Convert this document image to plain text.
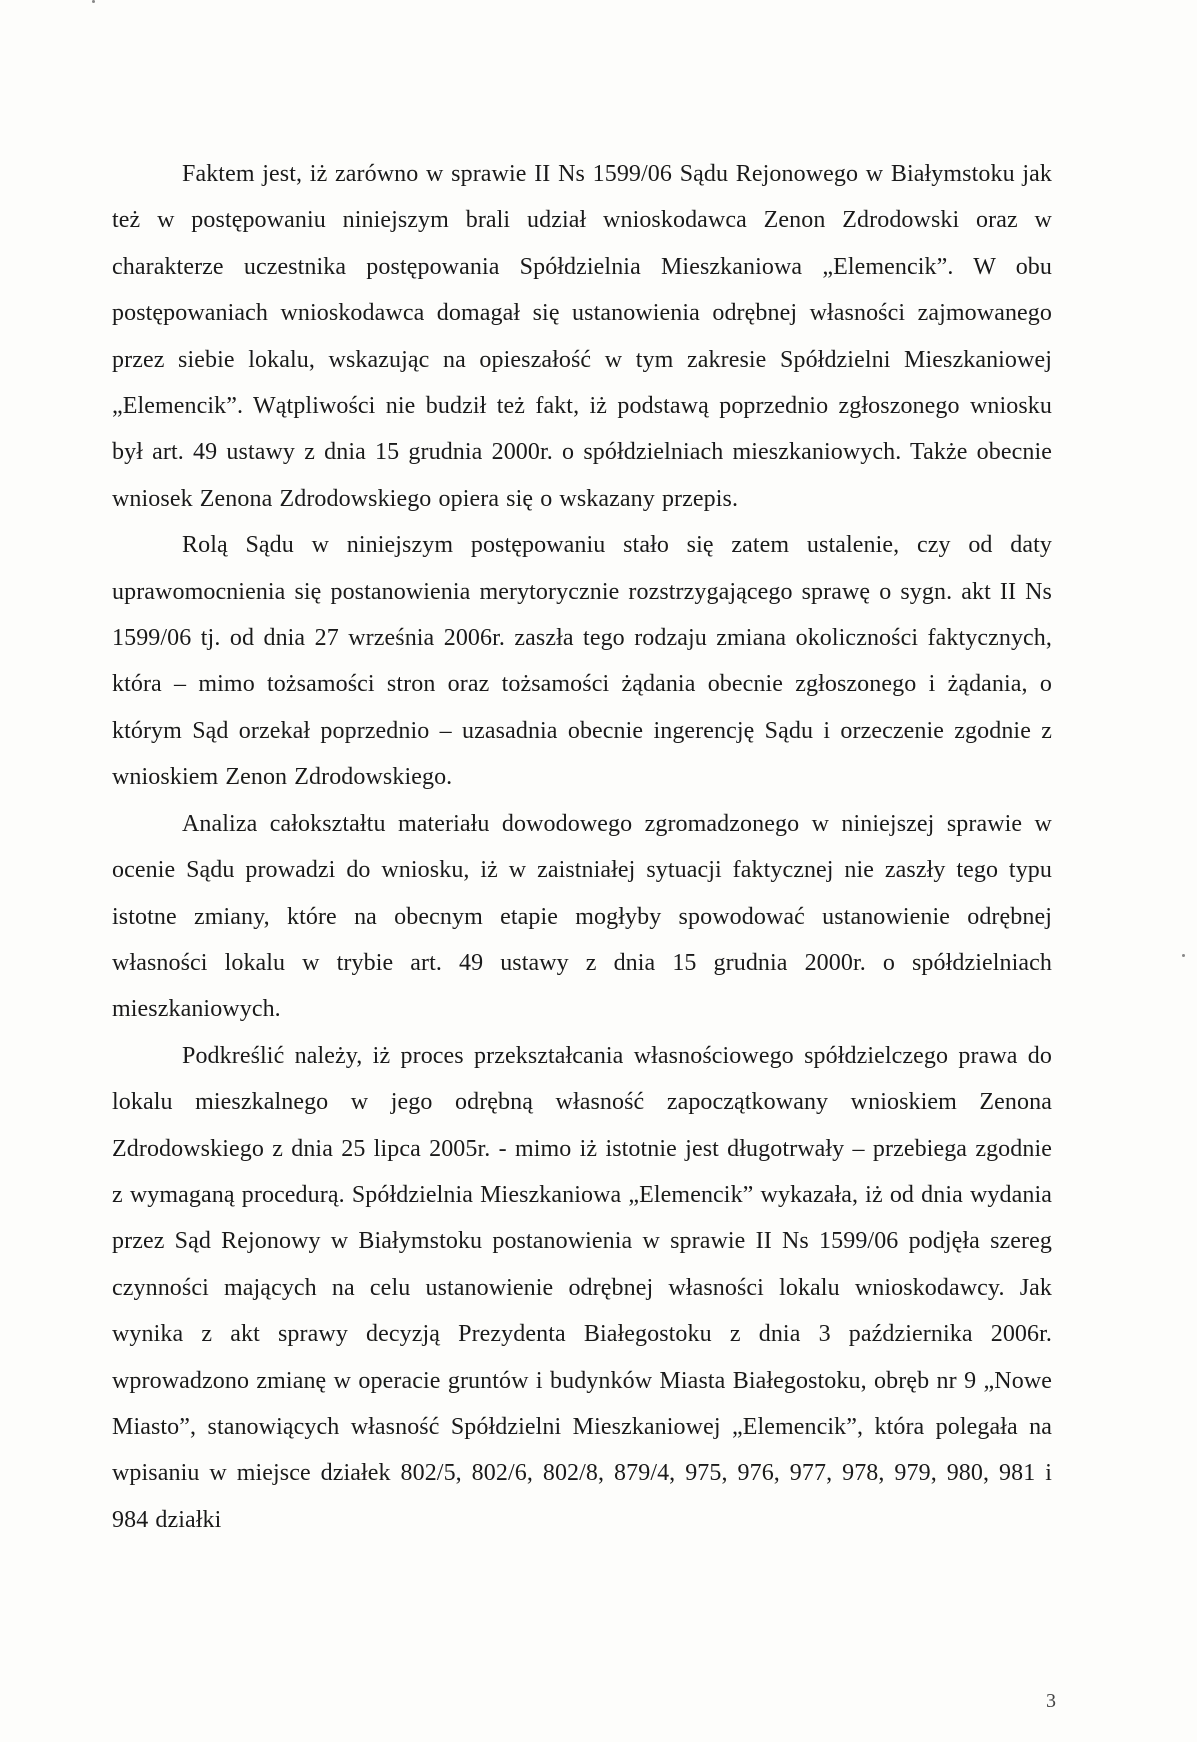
Faktem jest, iż zarówno w sprawie II Ns 1599/06 Sądu Rejonowego w Białymstoku jak też w postępowaniu niniejszym brali udział wnioskodawca Zenon Zdrodowski oraz w charakterze uczestnika postępowania Spółdzielnia Mieszkaniowa „Elemencik”. W obu postępowaniach wnioskodawca domagał się ustanowienia odrębnej własności zajmowanego przez siebie lokalu, wskazując na opieszałość w tym zakresie Spółdzielni Mieszkaniowej „Elemencik”. Wątpliwości nie budził też fakt, iż podstawą poprzednio zgłoszonego wniosku był art. 49 ustawy z dnia 15 grudnia 2000r. o spółdzielniach mieszkaniowych. Także obecnie wniosek Zenona Zdrodowskiego opiera się o wskazany przepis.

Rolą Sądu w niniejszym postępowaniu stało się zatem ustalenie, czy od daty uprawomocnienia się postanowienia merytorycznie rozstrzygającego sprawę o sygn. akt II Ns 1599/06 tj. od dnia 27 września 2006r. zaszła tego rodzaju zmiana okoliczności faktycznych, która – mimo tożsamości stron oraz tożsamości żądania obecnie zgłoszonego i żądania, o którym Sąd orzekał poprzednio – uzasadnia obecnie ingerencję Sądu i orzeczenie zgodnie z wnioskiem Zenon Zdrodowskiego.

Analiza całokształtu materiału dowodowego zgromadzonego w niniejszej sprawie w ocenie Sądu prowadzi do wniosku, iż w zaistniałej sytuacji faktycznej nie zaszły tego typu istotne zmiany, które na obecnym etapie mogłyby spowodować ustanowienie odrębnej własności lokalu w trybie art. 49 ustawy z dnia 15 grudnia 2000r. o spółdzielniach mieszkaniowych.

Podkreślić należy, iż proces przekształcania własnościowego spółdzielczego prawa do lokalu mieszkalnego w jego odrębną własność zapoczątkowany wnioskiem Zenona Zdrodowskiego z dnia 25 lipca 2005r. - mimo iż istotnie jest długotrwały – przebiega zgodnie z wymaganą procedurą. Spółdzielnia Mieszkaniowa „Elemencik” wykazała, iż od dnia wydania przez Sąd Rejonowy w Białymstoku postanowienia w sprawie II Ns 1599/06 podjęła szereg czynności mających na celu ustanowienie odrębnej własności lokalu wnioskodawcy. Jak wynika z akt sprawy decyzją Prezydenta Białegostoku z dnia 3 października 2006r. wprowadzono zmianę w operacie gruntów i budynków Miasta Białegostoku, obręb nr 9 „Nowe Miasto”, stanowiących własność Spółdzielni Mieszkaniowej „Elemencik”, która polegała na wpisaniu w miejsce działek 802/5, 802/6, 802/8, 879/4, 975, 976, 977, 978, 979, 980, 981 i 984 działki

3
